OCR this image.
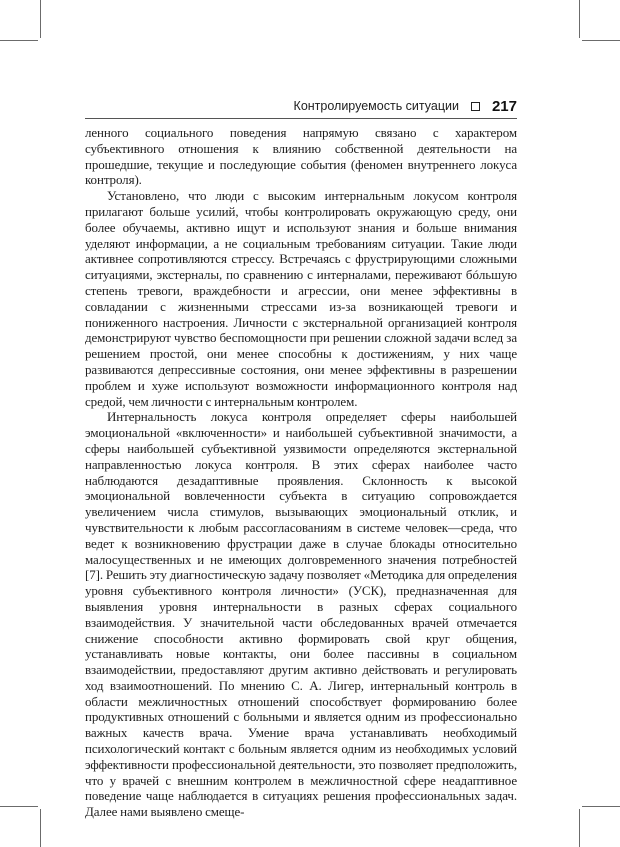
Контролируемость ситуации 217

ленного социального поведения напрямую связано с характером субъективного отношения к влиянию собственной деятельности на прошедшие, текущие и последующие события (феномен внутреннего локуса контроля).

Установлено, что люди с высоким интернальным локусом контроля прилагают больше усилий, чтобы контролировать окружающую среду, они более обучаемы, активно ищут и используют знания и больше внимания уделяют информации, а не социальным требованиям ситуации. Такие люди активнее сопротивляются стрессу. Встречаясь с фрустрирующими сложными ситуациями, экстерналы, по сравнению с интерналами, переживают бóльшую степень тревоги, враждебности и агрессии, они менее эффективны в совладании с жизненными стрессами из-за возникающей тревоги и пониженного настроения. Личности с экстернальной организацией контроля демонстрируют чувство беспомощности при решении сложной задачи вслед за решением простой, они менее способны к достижениям, у них чаще развиваются депрессивные состояния, они менее эффективны в разрешении проблем и хуже используют возможности информационного контроля над средой, чем личности с интернальным контролем.

Интернальность локуса контроля определяет сферы наибольшей эмоциональной «включенности» и наибольшей субъективной значимости, а сферы наибольшей субъективной уязвимости определяются экстернальной направленностью локуса контроля. В этих сферах наиболее часто наблюдаются дезадаптивные проявления. Склонность к высокой эмоциональной вовлеченности субъекта в ситуацию сопровождается увеличением числа стимулов, вызывающих эмоциональный отклик, и чувствительности к любым рассогласованиям в системе человек—среда, что ведет к возникновению фрустрации даже в случае блокады относительно малосущественных и не имеющих долговременного значения потребностей [7]. Решить эту диагностическую задачу позволяет «Методика для определения уровня субъективного контроля личности» (УСК), предназначенная для выявления уровня интернальности в разных сферах социального взаимодействия. У значительной части обследованных врачей отмечается снижение способности активно формировать свой круг общения, устанавливать новые контакты, они более пассивны в социальном взаимодействии, предоставляют другим активно действовать и регулировать ход взаимоотношений. По мнению С. А. Лигер, интернальный контроль в области межличностных отношений способствует формированию более продуктивных отношений с больными и является одним из профессионально важных качеств врача. Умение врача устанавливать необходимый психологический контакт с больным является одним из необходимых условий эффективности профессиональной деятельности, это позволяет предположить, что у врачей с внешним контролем в межличностной сфере неадаптивное поведение чаще наблюдается в ситуациях решения профессиональных задач. Далее нами выявлено смеще-
